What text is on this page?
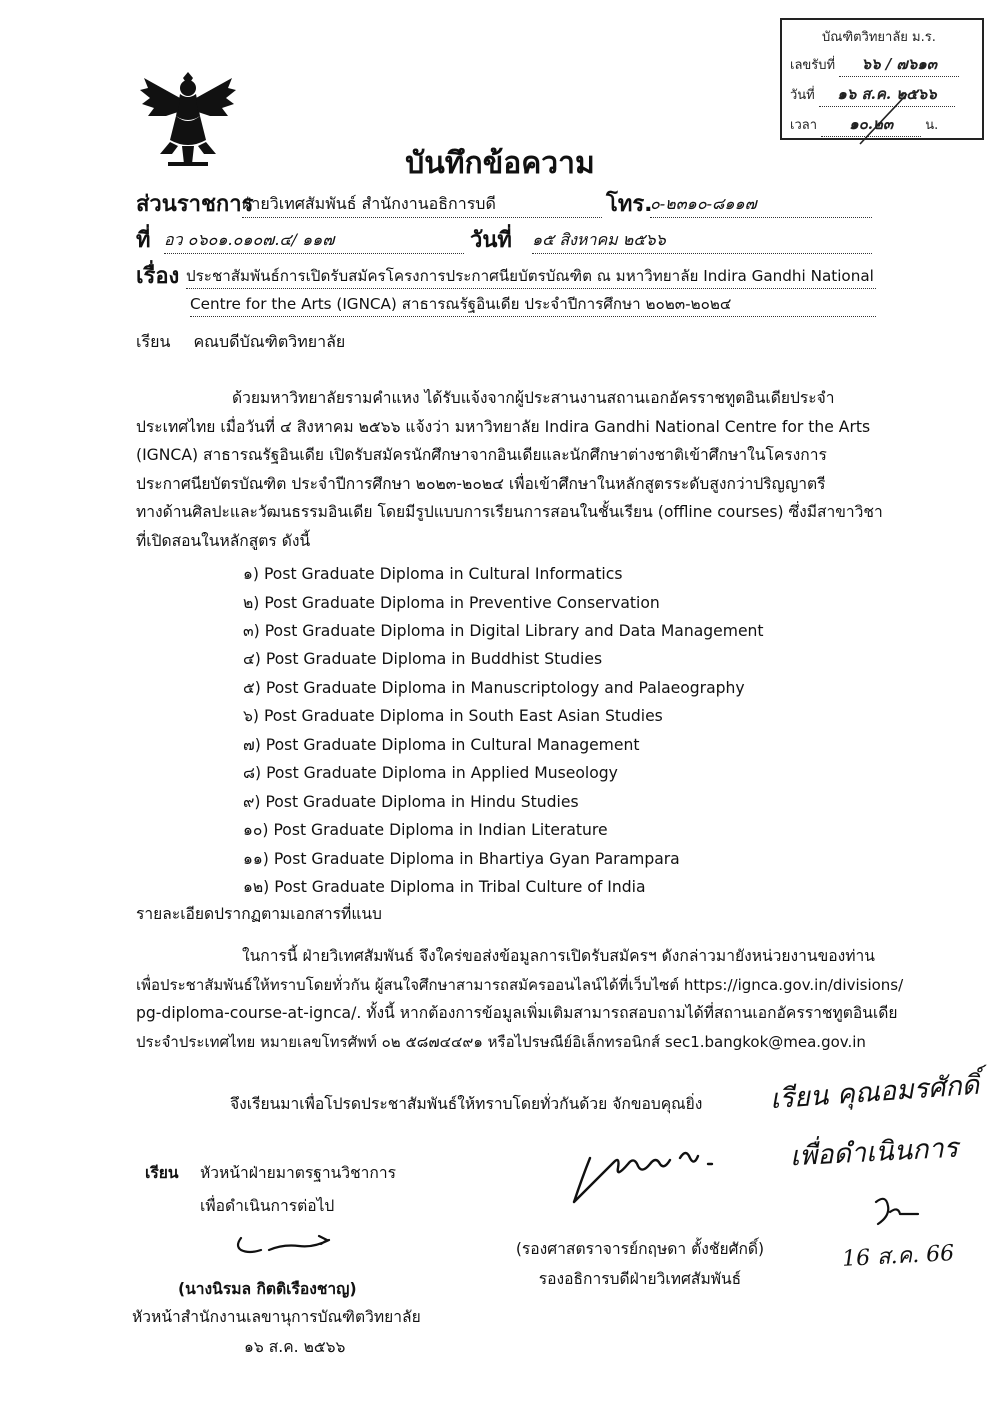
บัณฑิตวิทยาลัย ม.ร.
เลขรับที่ ๖๖ / ๗๖๑๓
วันที่ ๑๖ ส.ค. ๒๕๖๖
เวลา ๑๐.๒๓ น.
บันทึกข้อความ
ส่วนราชการ
ฝ่ายวิเทศสัมพันธ์ สำนักงานอธิการบดี	โทร.
๐-๒๓๑๐-๘๑๑๗
ที่ อว ๐๖๐๑.๐๑๐๗.๔/ ๑๑๗	วันที่ ๑๕ สิงหาคม ๒๕๖๖
เรื่อง ประชาสัมพันธ์การเปิดรับสมัครโครงการประกาศนียบัตรบัณฑิต ณ มหาวิทยาลัย Indira Gandhi National
Centre for the Arts (IGNCA) สาธารณรัฐอินเดีย ประจำปีการศึกษา ๒๐๒๓-๒๐๒๔
เรียน คณบดีบัณฑิตวิทยาลัย
ด้วยมหาวิทยาลัยรามคำแหง ได้รับแจ้งจากผู้ประสานงานสถานเอกอัครราชทูตอินเดียประจำ
ประเทศไทย เมื่อวันที่ ๔ สิงหาคม ๒๕๖๖ แจ้งว่า มหาวิทยาลัย Indira Gandhi National Centre for the Arts
(IGNCA) สาธารณรัฐอินเดีย เปิดรับสมัครนักศึกษาจากอินเดียและนักศึกษาต่างชาติเข้าศึกษาในโครงการ
ประกาศนียบัตรบัณฑิต ประจำปีการศึกษา ๒๐๒๓-๒๐๒๔ เพื่อเข้าศึกษาในหลักสูตรระดับสูงกว่าปริญญาตรี
ทางด้านศิลปะและวัฒนธรรมอินเดีย โดยมีรูปแบบการเรียนการสอนในชั้นเรียน (offline courses) ซึ่งมีสาขาวิชา
ที่เปิดสอนในหลักสูตร ดังนี้
๑) Post Graduate Diploma in Cultural Informatics
๒) Post Graduate Diploma in Preventive Conservation
๓) Post Graduate Diploma in Digital Library and Data Management
๔) Post Graduate Diploma in Buddhist Studies
๕) Post Graduate Diploma in Manuscriptology and Palaeography
๖) Post Graduate Diploma in South East Asian Studies
๗) Post Graduate Diploma in Cultural Management
๘) Post Graduate Diploma in Applied Museology
๙) Post Graduate Diploma in Hindu Studies
๑๐) Post Graduate Diploma in Indian Literature
๑๑) Post Graduate Diploma in Bhartiya Gyan Parampara
๑๒) Post Graduate Diploma in Tribal Culture of India
รายละเอียดปรากฏตามเอกสารที่แนบ
ในการนี้ ฝ่ายวิเทศสัมพันธ์ จึงใคร่ขอส่งข้อมูลการเปิดรับสมัครฯ ดังกล่าวมายังหน่วยงานของท่าน
เพื่อประชาสัมพันธ์ให้ทราบโดยทั่วกัน ผู้สนใจศึกษาสามารถสมัครออนไลน์ได้ที่เว็บไซต์ https://ignca.gov.in/divisions/
pg-diploma-course-at-ignca/. ทั้งนี้ หากต้องการข้อมูลเพิ่มเติมสามารถสอบถามได้ที่สถานเอกอัครราชทูตอินเดีย
ประจำประเทศไทย หมายเลขโทรศัพท์ ๐๒ ๕๘๗๔๔๙๑ หรือไปรษณีย์อิเล็กทรอนิกส์ sec1.bangkok@mea.gov.in
จึงเรียนมาเพื่อโปรดประชาสัมพันธ์ให้ทราบโดยทั่วกันด้วย จักขอบคุณยิ่ง
(รองศาสตราจารย์กฤษดา ตั้งชัยศักดิ์)
รองอธิการบดีฝ่ายวิเทศสัมพันธ์
เรียน หัวหน้าฝ่ายมาตรฐานวิชาการ
เพื่อดำเนินการต่อไป
(นางนิรมล กิตติเรืองชาญ)
หัวหน้าสำนักงานเลขานุการบัณฑิตวิทยาลัย
๑๖ ส.ค. ๒๕๖๖
เรียน คุณอมรศักดิ์
เพื่อดำเนินการ
16 ส.ค. 66
